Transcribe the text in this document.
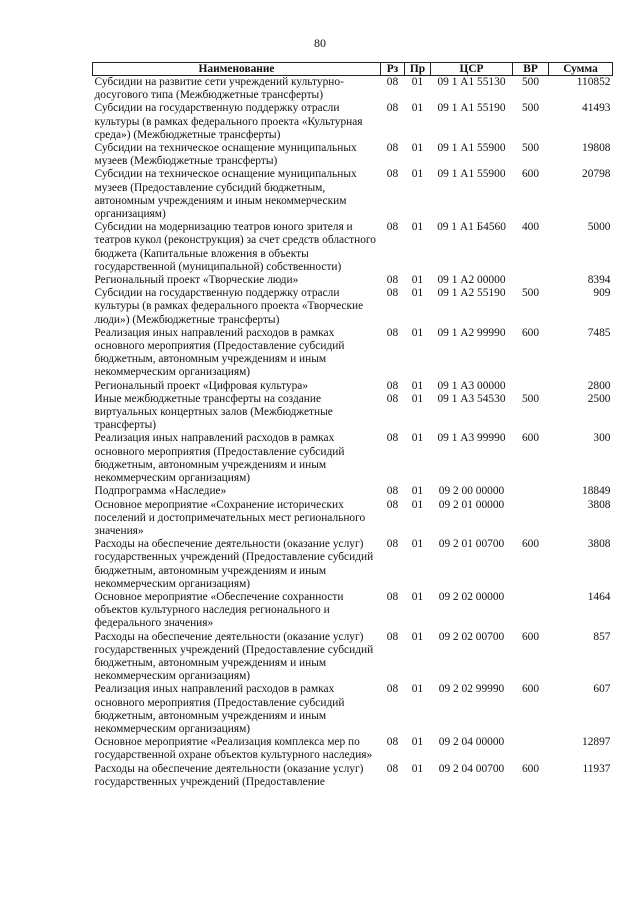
80
Наименование	Рз	Пр	ЦСР	ВР	Сумма
Субсидии на развитие сети учреждений культурно-досугового типа (Межбюджетные трансферты)	08	01	09 1 А1 55130	500	110852
Субсидии на государственную поддержку отрасли культуры (в рамках федерального проекта «Культурная среда») (Межбюджетные трансферты)	08	01	09 1 А1 55190	500	41493
Субсидии на техническое оснащение муниципальных музеев (Межбюджетные трансферты)	08	01	09 1 А1 55900	500	19808
Субсидии на техническое оснащение муниципальных музеев (Предоставление субсидий бюджетным, автономным учреждениям и иным некоммерческим организациям)	08	01	09 1 А1 55900	600	20798
Субсидии на модернизацию театров юного зрителя и театров кукол (реконструкция) за счет средств областного бюджета (Капитальные вложения в объекты государственной (муниципальной) собственности)	08	01	09 1 А1 Б4560	400	5000
Региональный проект «Творческие люди»	08	01	09 1 А2 00000		8394
Субсидии на государственную поддержку отрасли культуры (в рамках федерального проекта «Творческие люди») (Межбюджетные трансферты)	08	01	09 1 А2 55190	500	909
Реализация иных направлений расходов в рамках основного мероприятия (Предоставление субсидий бюджетным, автономным учреждениям и иным некоммерческим организациям)	08	01	09 1 А2 99990	600	7485
Региональный проект «Цифровая культура»	08	01	09 1 А3 00000		2800
Иные межбюджетные трансферты на создание виртуальных концертных залов (Межбюджетные трансферты)	08	01	09 1 А3 54530	500	2500
Реализация иных направлений расходов в рамках основного мероприятия (Предоставление субсидий бюджетным, автономным учреждениям и иным некоммерческим организациям)	08	01	09 1 А3 99990	600	300
Подпрограмма «Наследие»	08	01	09 2 00 00000		18849
Основное мероприятие «Сохранение исторических поселений и достопримечательных мест регионального значения»	08	01	09 2 01 00000		3808
Расходы на обеспечение деятельности (оказание услуг) государственных учреждений (Предоставление субсидий бюджетным, автономным учреждениям и иным некоммерческим организациям)	08	01	09 2 01 00700	600	3808
Основное мероприятие «Обеспечение сохранности объектов культурного наследия регионального и федерального значения»	08	01	09 2 02 00000		1464
Расходы на обеспечение деятельности (оказание услуг) государственных учреждений (Предоставление субсидий бюджетным, автономным учреждениям и иным некоммерческим организациям)	08	01	09 2 02 00700	600	857
Реализация иных направлений расходов в рамках основного мероприятия (Предоставление субсидий бюджетным, автономным учреждениям и иным некоммерческим организациям)	08	01	09 2 02 99990	600	607
Основное мероприятие «Реализация комплекса мер по государственной охране объектов культурного наследия»	08	01	09 2 04 00000		12897
Расходы на обеспечение деятельности (оказание услуг) государственных учреждений (Предоставление	08	01	09 2 04 00700	600	11937
